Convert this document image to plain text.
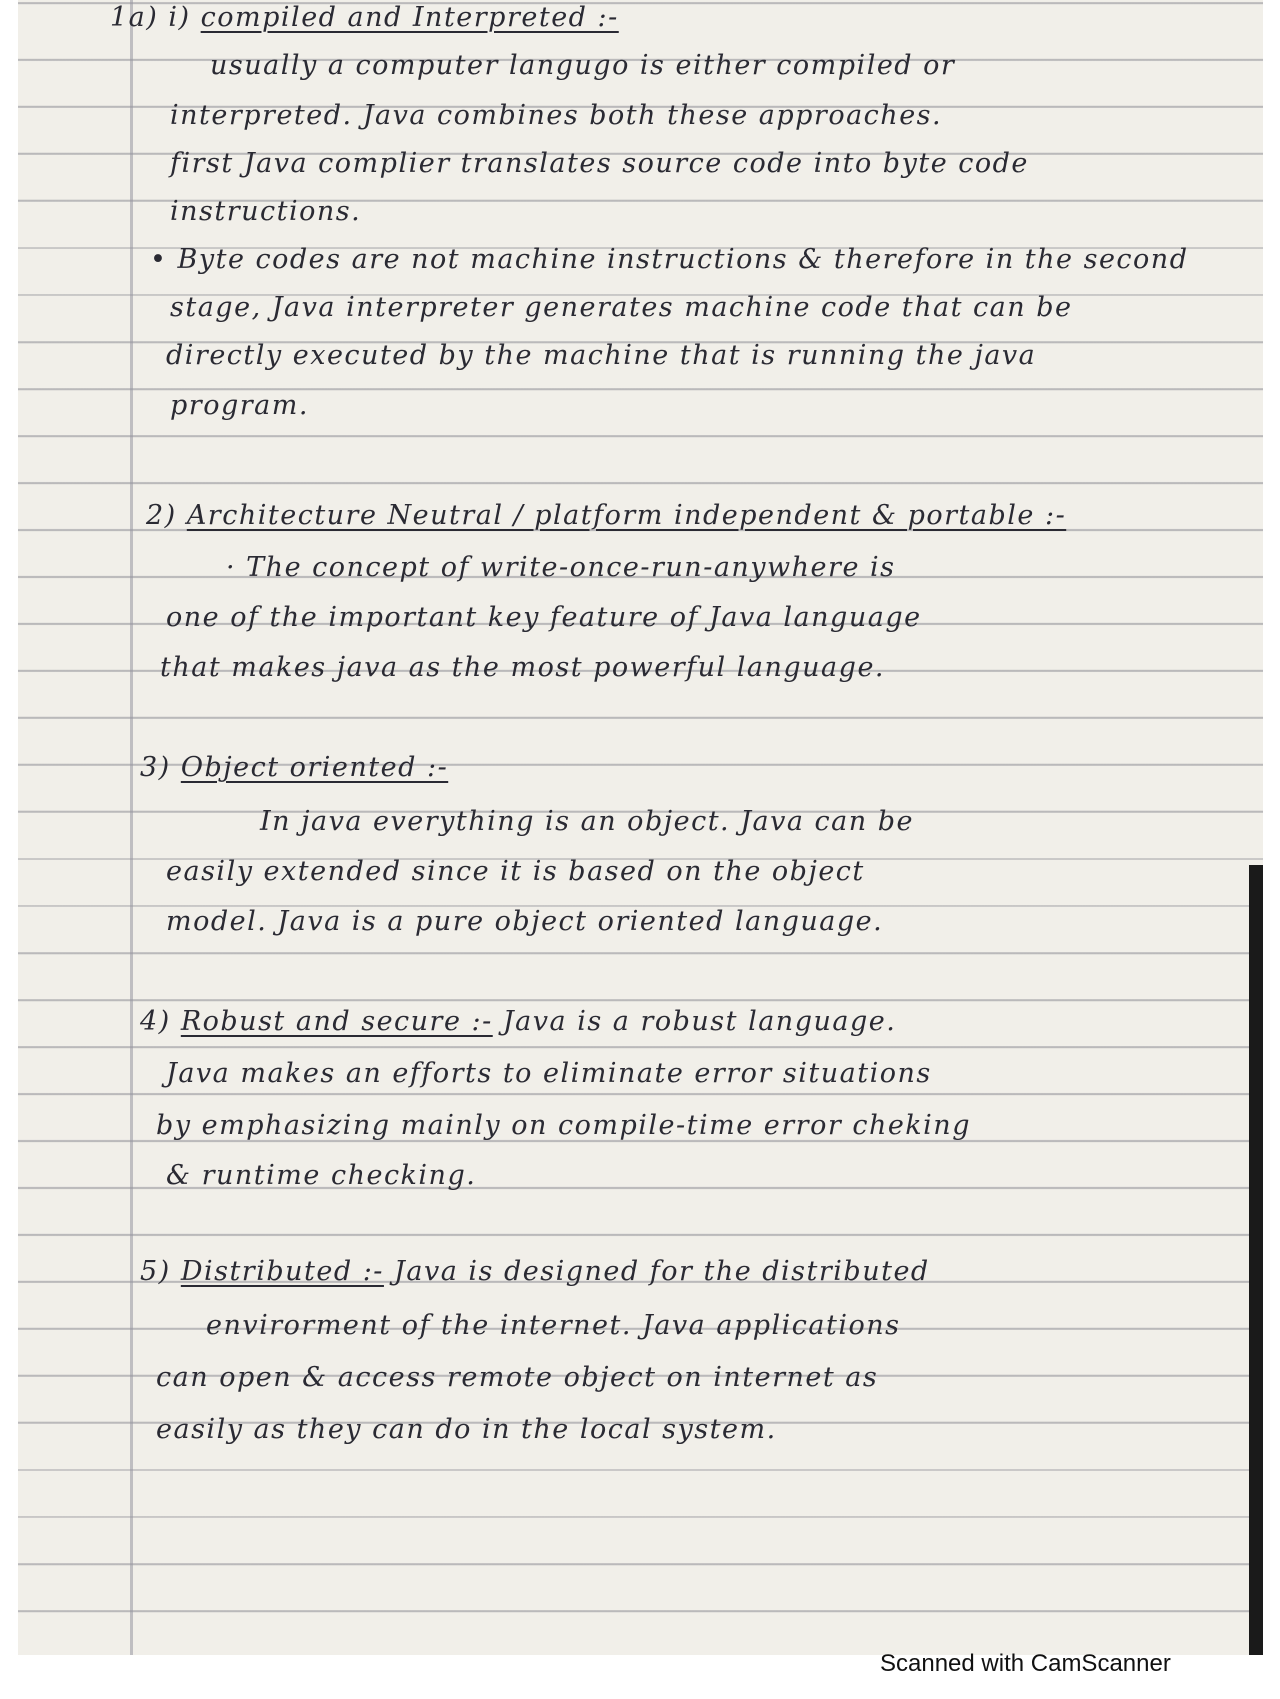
1a) i) compiled and Interpreted :-
usually a computer langugo is either compiled or
interpreted. Java combines both these approaches.
first Java complier translates source code into byte code
instructions.
• Byte codes are not machine instructions & therefore in the second
stage, Java interpreter generates machine code that can be
directly executed by the machine that is running the java
program.
2) Architecture Neutral / platform independent & portable :-
· The concept of write-once-run-anywhere is
one of the important key feature of Java language
that makes java as the most powerful language.
3) Object oriented :-
In java everything is an object. Java can be
easily extended since it is based on the object
model. Java is a pure object oriented language.
4) Robust and secure :- Java is a robust language.
Java makes an efforts to eliminate error situations
by emphasizing mainly on compile-time error cheking
& runtime checking.
5) Distributed :- Java is designed for the distributed
envirorment of the internet. Java applications
can open & access remote object on internet as
easily as they can do in the local system.
Scanned with CamScanner
